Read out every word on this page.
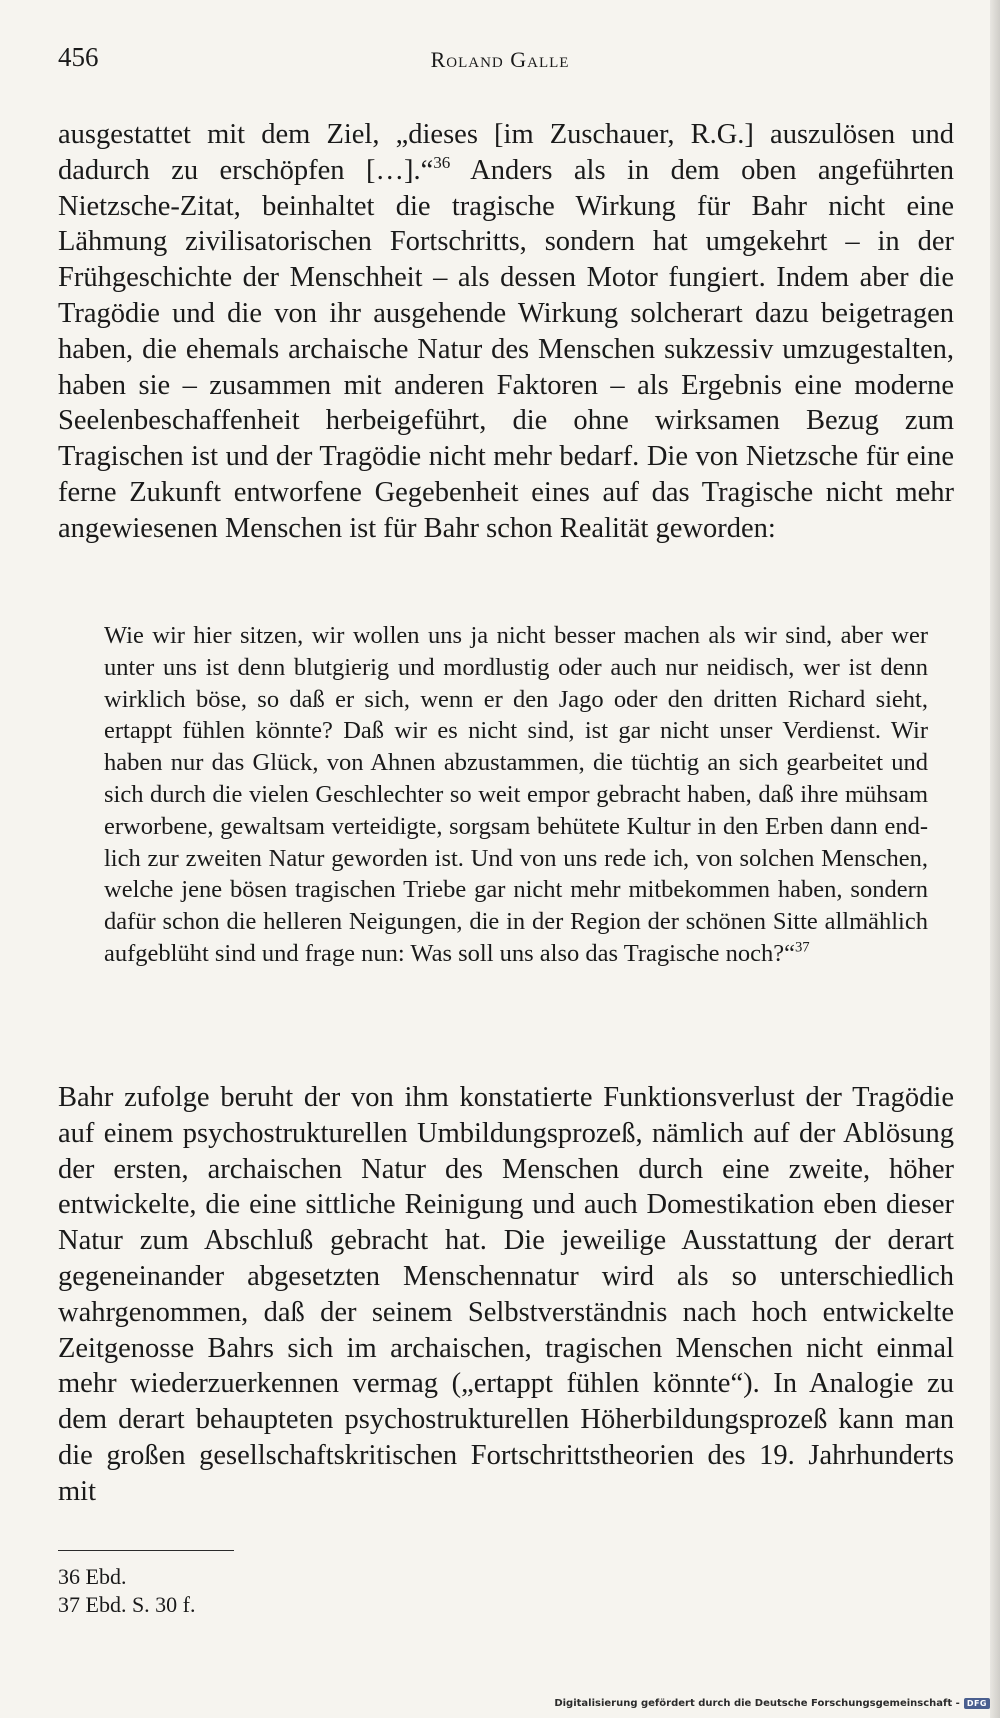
456	Roland Galle

ausgestattet mit dem Ziel, „dieses [im Zuschauer, R.G.] auszulösen und dadurch zu erschöpfen […].“$^{36}$ Anders als in dem oben angeführten Nietzsche-Zitat, beinhaltet die tragische Wirkung für Bahr nicht eine Lähmung zivilisatorischen Fortschritts, sondern hat umgekehrt – in der Frühgeschichte der Menschheit – als dessen Motor fungiert. Indem aber die Tragödie und die von ihr ausgehende Wirkung solcherart dazu beigetragen haben, die ehemals archaische Natur des Menschen sukzessiv umzugestalten, haben sie – zusammen mit anderen Faktoren – als Ergebnis eine moderne Seelenbeschaffenheit herbeigeführt, die ohne wirksamen Bezug zum Tragischen ist und der Tragödie nicht mehr bedarf. Die von Nietzsche für eine ferne Zukunft entworfene Gegebenheit eines auf das Tragische nicht mehr angewiesenen Menschen ist für Bahr schon Realität geworden:

Wie wir hier sitzen, wir wollen uns ja nicht besser machen als wir sind, aber wer unter uns ist denn blutgierig und mordlustig oder auch nur neidisch, wer ist denn wirklich böse, so daß er sich, wenn er den Jago oder den dritten Richard sieht, ertappt fühlen könnte? Daß wir es nicht sind, ist gar nicht unser Verdienst. Wir haben nur das Glück, von Ahnen abzustammen, die tüchtig an sich gearbeitet und sich durch die vielen Geschlechter so weit empor gebracht haben, daß ihre mühsam erworbene, gewaltsam verteidigte, sorgsam behütete Kultur in den Erben dann endlich zur zweiten Natur geworden ist. Und von uns rede ich, von solchen Menschen, welche jene bösen tragischen Triebe gar nicht mehr mitbekommen haben, sondern dafür schon die helleren Neigungen, die in der Region der schönen Sitte allmählich aufgeblüht sind und frage nun: Was soll uns also das Tragische noch?“$^{37}$

Bahr zufolge beruht der von ihm konstatierte Funktionsverlust der Tragödie auf einem psychostrukturellen Umbildungsprozeß, nämlich auf der Ablösung der ersten, archaischen Natur des Menschen durch eine zweite, höher entwickelte, die eine sittliche Reinigung und auch Domestikation eben dieser Natur zum Abschluß gebracht hat. Die jeweilige Ausstattung der derart gegeneinander abgesetzten Menschennatur wird als so unterschiedlich wahrgenommen, daß der seinem Selbstverständnis nach hoch entwickelte Zeitgenosse Bahrs sich im archaischen, tragischen Menschen nicht einmal mehr wiederzuerkennen vermag („ertappt fühlen könnte“). In Analogie zu dem derart behaupteten psychostrukturellen Höherbildungsprozeß kann man die großen gesellschaftskritischen Fortschrittstheorien des 19. Jahrhunderts mit

36 Ebd.
37 Ebd. S. 30 f.
Digitalisierung gefördert durch die Deutsche Forschungsgemeinschaft - DFG
